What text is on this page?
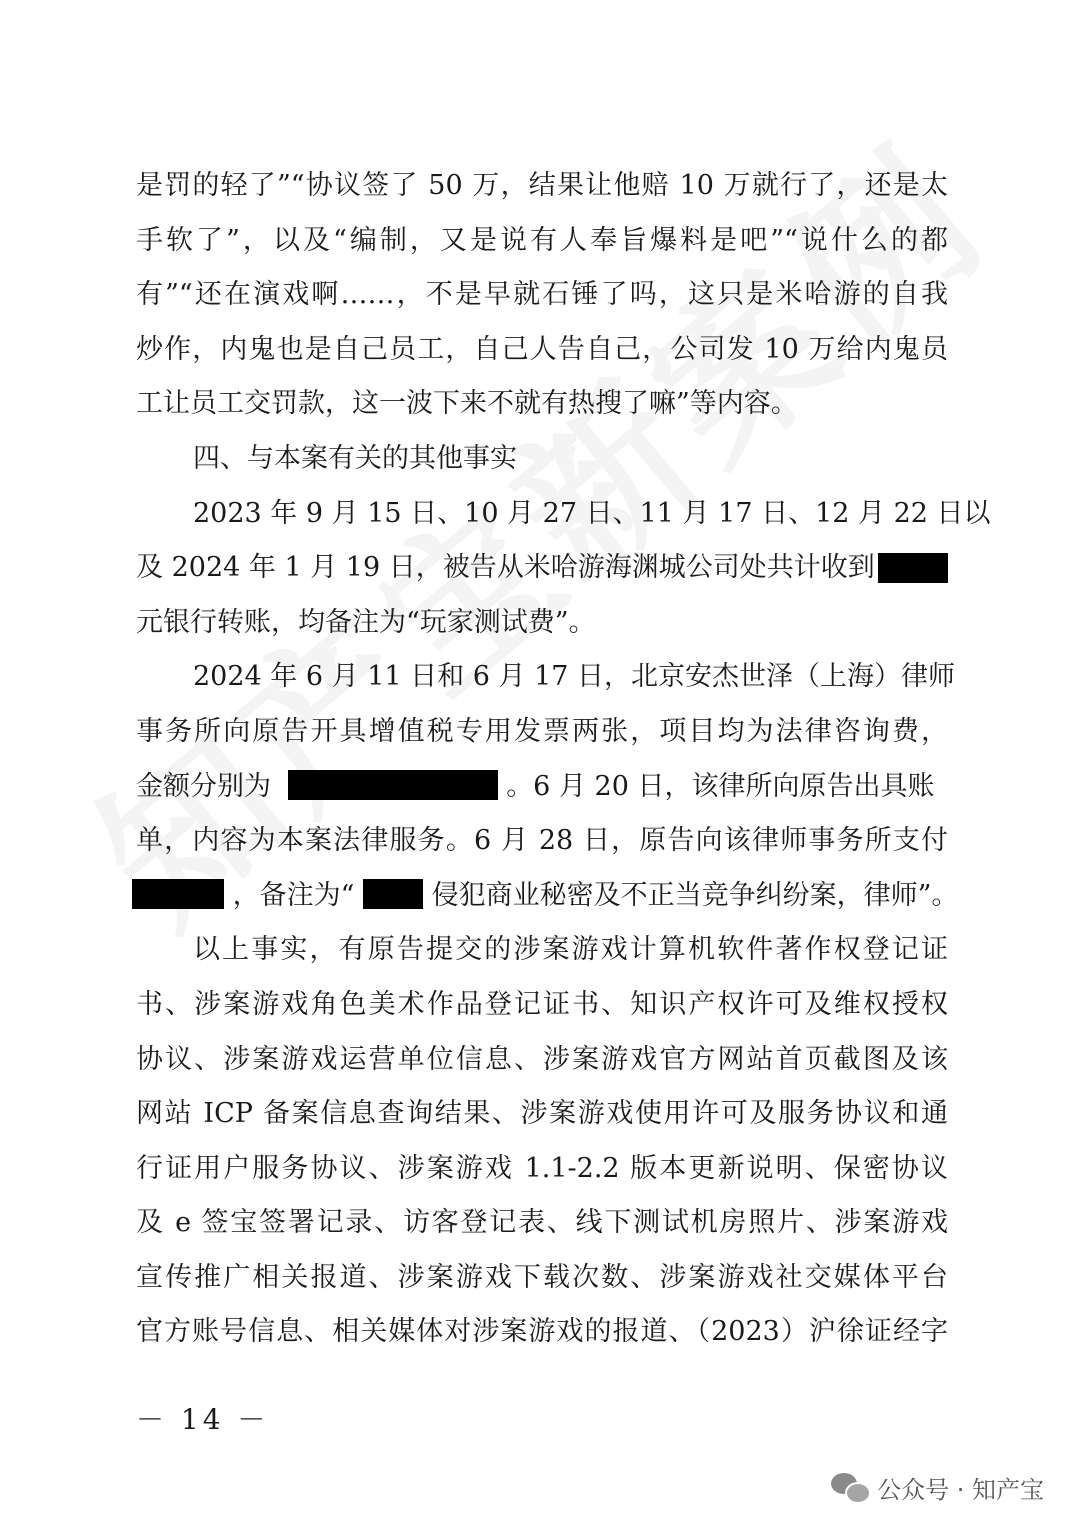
是罚的轻了”“协议签了 50 万，结果让他赔 10 万就行了，还是太
手软了”，以及“编制，又是说有人奉旨爆料是吧”“说什么的都
有”“还在演戏啊……，不是早就石锤了吗，这只是米哈游的自我
炒作，内鬼也是自己员工，自己人告自己，公司发 10 万给内鬼员
工让员工交罚款，这一波下来不就有热搜了嘛”等内容。
四、与本案有关的其他事实
2023 年 9 月 15 日、10 月 27 日、11 月 17 日、12 月 22 日以
及 2024 年 1 月 19 日，被告从米哈游海渊城公司处共计收到
元银行转账，均备注为“玩家测试费”。
2024 年 6 月 11 日和 6 月 17 日，北京安杰世泽（上海）律师
事务所向原告开具增值税专用发票两张，项目均为法律咨询费，
金额分别为	。6 月 20 日，该律所向原告出具账
单，内容为本案法律服务。6 月 28 日，原告向该律师事务所支付
，备注为“	侵犯商业秘密及不正当竞争纠纷案，律师”。
以上事实，有原告提交的涉案游戏计算机软件著作权登记证
书、涉案游戏角色美术作品登记证书、知识产权许可及维权授权
协议、涉案游戏运营单位信息、涉案游戏官方网站首页截图及该
网站 ICP 备案信息查询结果、涉案游戏使用许可及服务协议和通
行证用户服务协议、涉案游戏 1.1-2.2 版本更新说明、保密协议
及 e 签宝签署记录、访客登记表、线下测试机房照片、涉案游戏
宣传推广相关报道、涉案游戏下载次数、涉案游戏社交媒体平台
官方账号信息、相关媒体对涉案游戏的报道、（2023）沪徐证经字
－ 14 －
公众号 · 知产宝
